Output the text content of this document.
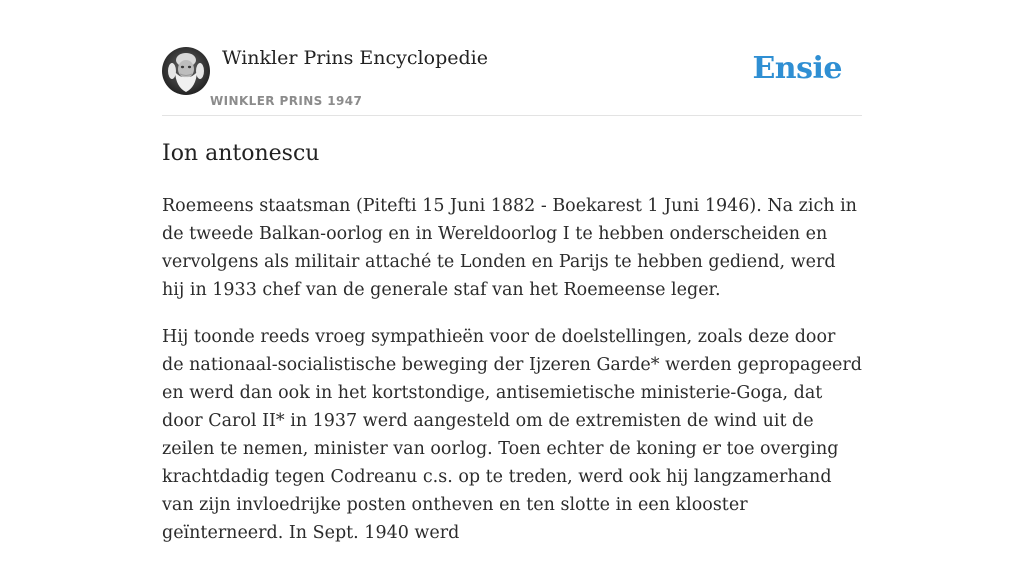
Winkler Prins Encyclopedie
WINKLER PRINS 1947
Ensie
Ion antonescu

Roemeens staatsman (Pitefti 15 Juni 1882 - Boekarest 1 Juni 1946). Na zich in de tweede Balkan-oorlog en in Wereldoorlog I te hebben onderscheiden en vervolgens als militair attaché te Londen en Parijs te hebben gediend, werd hij in 1933 chef van de generale staf van het Roemeense leger.

Hij toonde reeds vroeg sympathieën voor de doelstellingen, zoals deze door de nationaal-socialistische beweging der Ijzeren Garde* werden gepropageerd en werd dan ook in het kortstondige, antisemietische ministerie-Goga, dat door Carol II* in 1937 werd aangesteld om de extremisten de wind uit de zeilen te nemen, minister van oorlog. Toen echter de koning er toe overging krachtdadig tegen Codreanu c.s. op te treden, werd ook hij langzamerhand van zijn invloedrijke posten ontheven en ten slotte in een klooster geïnterneerd. In Sept. 1940 werd
